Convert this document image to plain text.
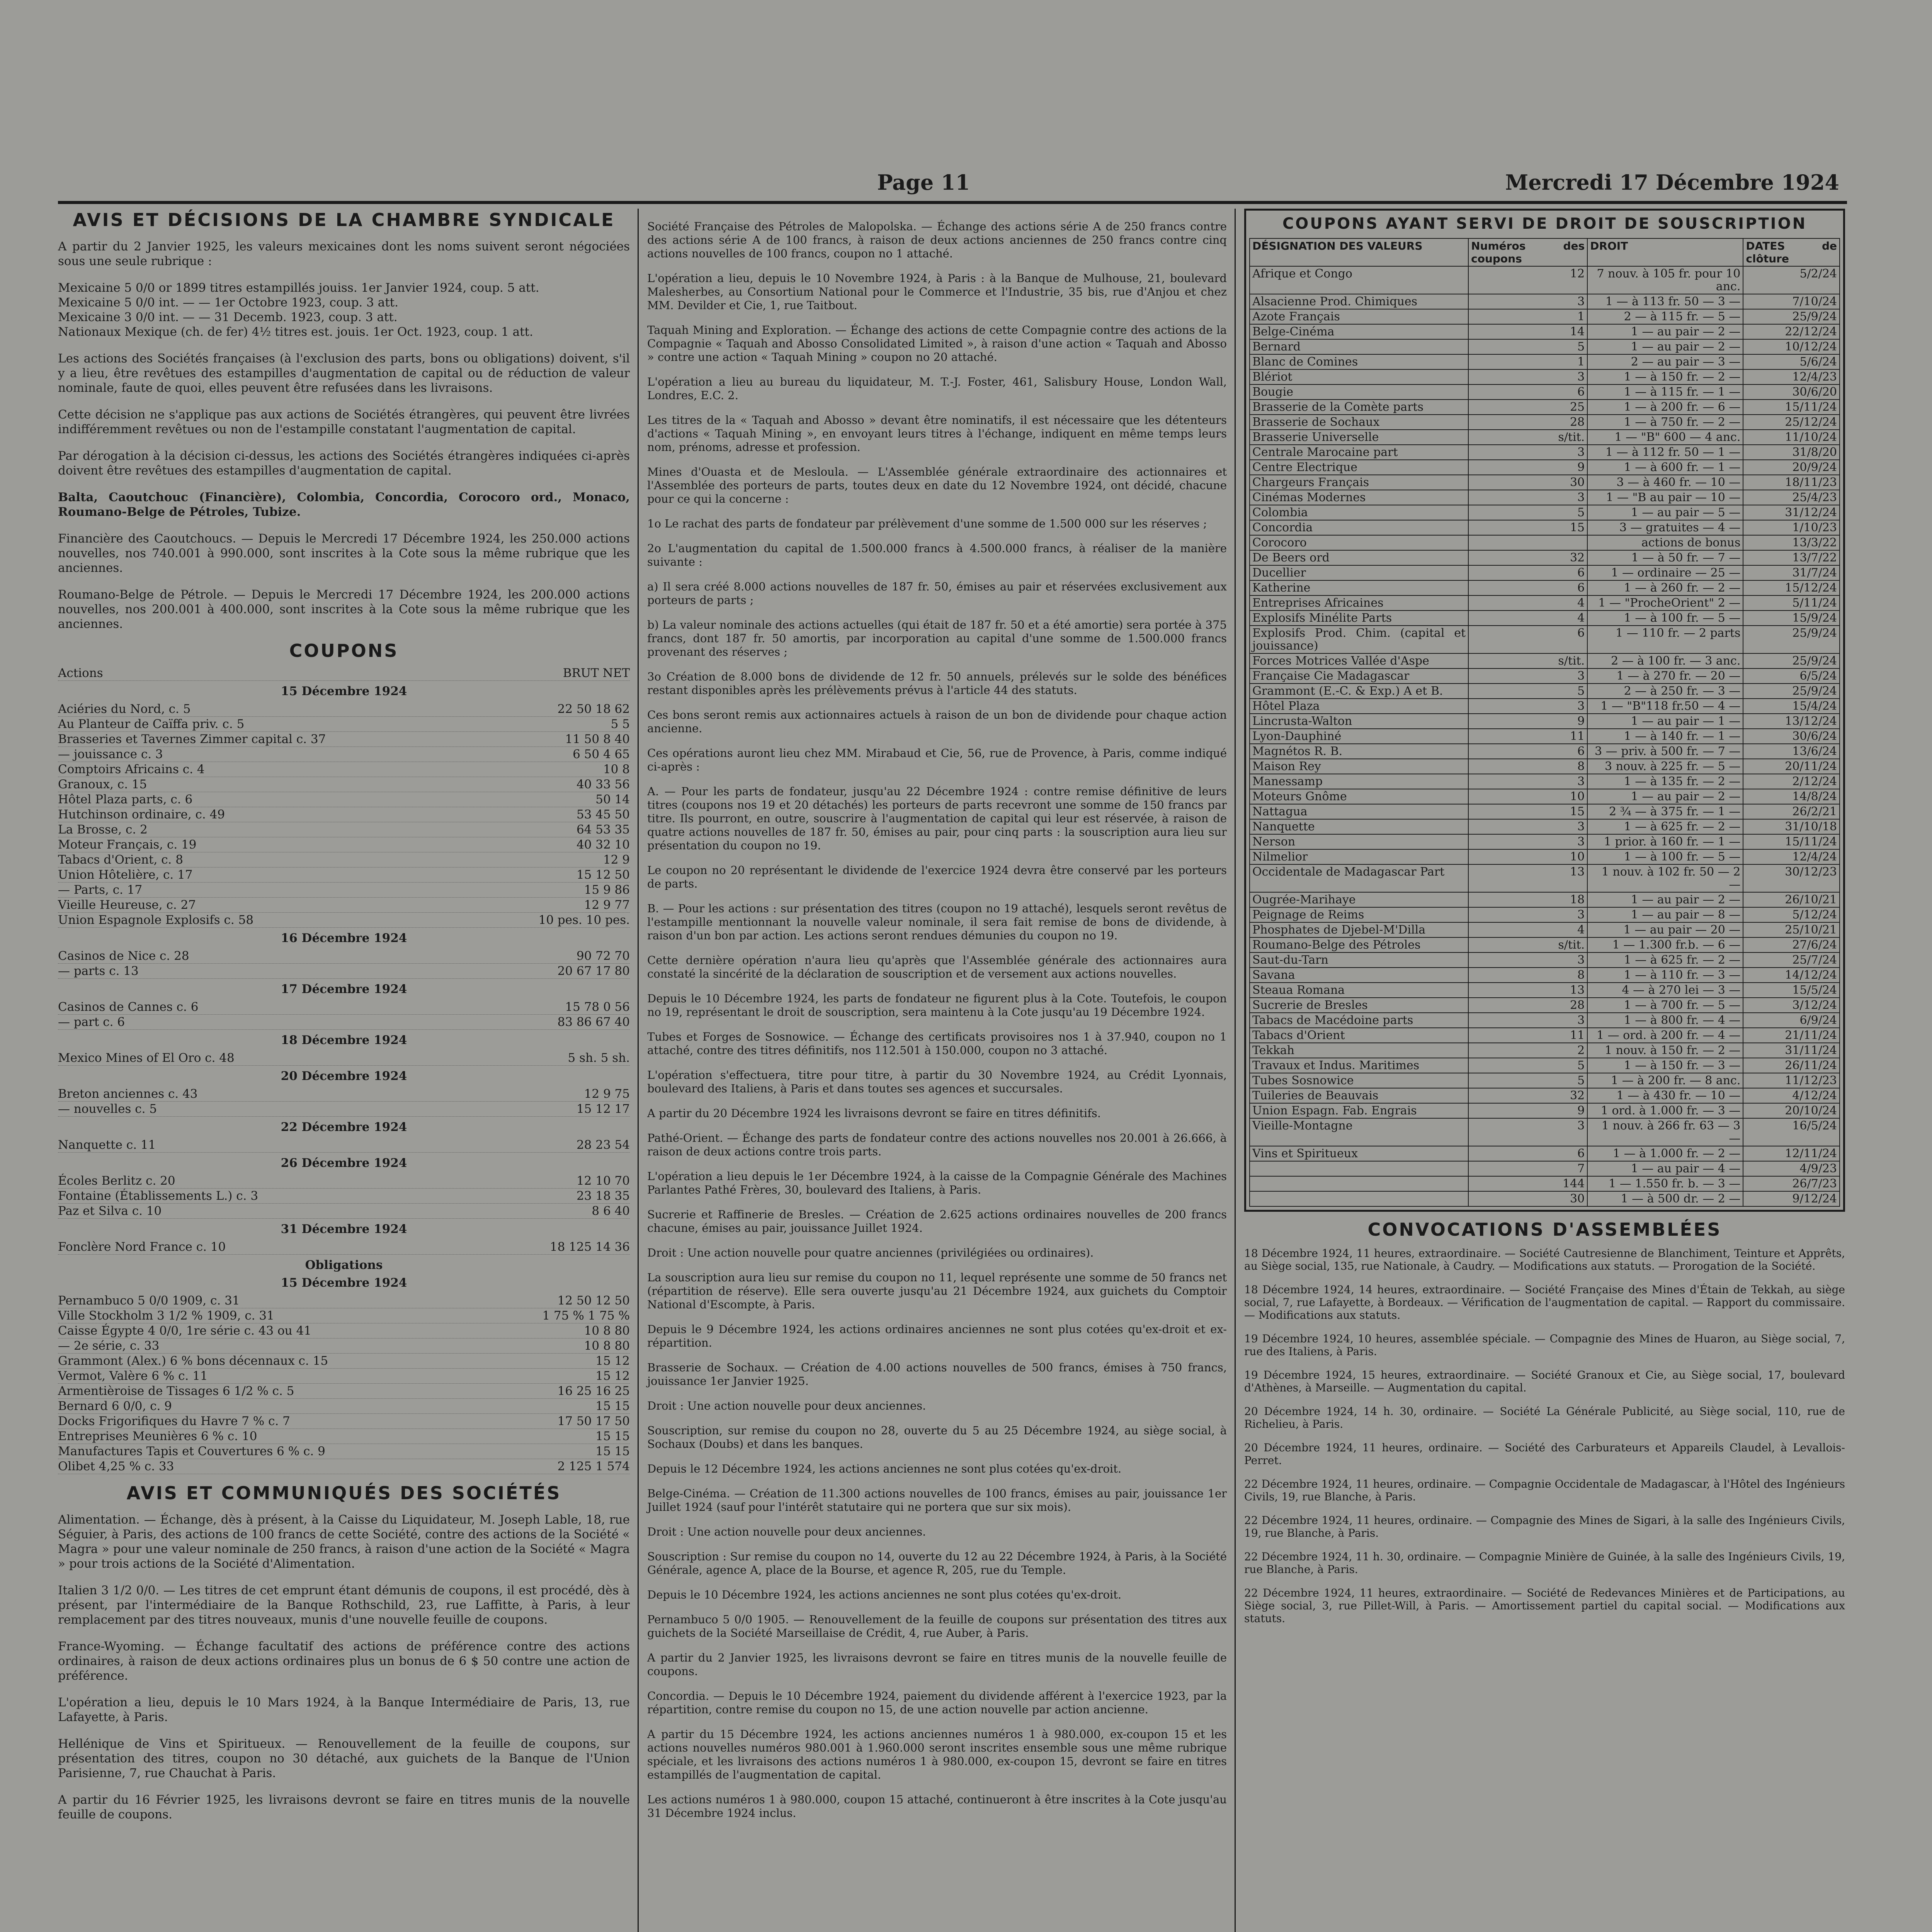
Page 11	Mercredi 17 Décembre 1924
AVIS ET DÉCISIONS DE LA CHAMBRE SYNDICALE

A partir du 2 Janvier 1925, les valeurs mexicaines dont les noms suivent seront négociées sous une seule rubrique :

Mexicaine 5 0/0 or 1899 titres estampillés jouiss. 1er Janvier 1924, coup. 5 att.
Mexicaine 5 0/0 int. — — 1er Octobre 1923, coup. 3 att.
Mexicaine 3 0/0 int. — — 31 Decemb. 1923, coup. 3 att.
Nationaux Mexique (ch. de fer) 4½ titres est. jouis. 1er Oct. 1923, coup. 1 att.

Les actions des Sociétés françaises (à l'exclusion des parts, bons ou obligations) doivent, s'il y a lieu, être revêtues des estampilles d'augmentation de capital ou de réduction de valeur nominale, faute de quoi, elles peuvent être refusées dans les livraisons.

Cette décision ne s'applique pas aux actions de Sociétés étrangères, qui peuvent être livrées indifféremment revêtues ou non de l'estampille constatant l'augmentation de capital.

Par dérogation à la décision ci-dessus, les actions des Sociétés étrangères indiquées ci-après doivent être revêtues des estampilles d'augmentation de capital.

Balta, Caoutchouc (Financière), Colombia, Concordia, Corocoro ord., Monaco, Roumano-Belge de Pétroles, Tubize.

Financière des Caoutchoucs. — Depuis le Mercredi 17 Décembre 1924, les 250.000 actions nouvelles, nos 740.001 à 990.000, sont inscrites à la Cote sous la même rubrique que les anciennes.

Roumano-Belge de Pétrole. — Depuis le Mercredi 17 Décembre 1924, les 200.000 actions nouvelles, nos 200.001 à 400.000, sont inscrites à la Cote sous la même rubrique que les anciennes.

COUPONS
Actions	BRUT NET
15 Décembre 1924
Aciéries du Nord, c. 5	22 50 18 62
Au Planteur de Caïffa priv. c. 5	5 5
Brasseries et Tavernes Zimmer capital c. 37	11 50 8 40
— jouissance c. 3	6 50 4 65
Comptoirs Africains c. 4	10 8
Granoux, c. 15	40 33 56
Hôtel Plaza parts, c. 6	50 14
Hutchinson ordinaire, c. 49	53 45 50
La Brosse, c. 2	64 53 35
Moteur Français, c. 19	40 32 10
Tabacs d'Orient, c. 8	12 9
Union Hôtelière, c. 17	15 12 50
— Parts, c. 17	15 9 86
Vieille Heureuse, c. 27	12 9 77
Union Espagnole Explosifs c. 58	10 pes. 10 pes.
16 Décembre 1924
Casinos de Nice c. 28	90 72 70
— parts c. 13	20 67 17 80
17 Décembre 1924
Casinos de Cannes c. 6	15 78 0 56
— part c. 6	83 86 67 40
18 Décembre 1924
Mexico Mines of El Oro c. 48	5 sh. 5 sh.
20 Décembre 1924
Breton anciennes c. 43	12 9 75
— nouvelles c. 5	15 12 17
22 Décembre 1924
Nanquette c. 11	28 23 54
26 Décembre 1924
Écoles Berlitz c. 20	12 10 70
Fontaine (Établissements L.) c. 3	23 18 35
Paz et Silva c. 10	8 6 40
31 Décembre 1924
Fonclère Nord France c. 10	18 125 14 36
Obligations
15 Décembre 1924
Pernambuco 5 0/0 1909, c. 31	12 50 12 50
Ville Stockholm 3 1/2 % 1909, c. 31	1 75 % 1 75 %
Caisse Égypte 4 0/0, 1re série c. 43 ou 41	10 8 80
— 2e série, c. 33	10 8 80
Grammont (Alex.) 6 % bons décennaux c. 15	15 12
Vermot, Valère 6 % c. 11	15 12
Armentièroise de Tissages 6 1/2 % c. 5	16 25 16 25
Bernard 6 0/0, c. 9	15 15
Docks Frigorifiques du Havre 7 % c. 7	17 50 17 50
Entreprises Meunières 6 % c. 10	15 15
Manufactures Tapis et Couvertures 6 % c. 9	15 15
Olibet 4,25 % c. 33	2 125 1 574
AVIS ET COMMUNIQUÉS DES SOCIÉTÉS

Alimentation. — Échange, dès à présent, à la Caisse du Liquidateur, M. Joseph Lable, 18, rue Séguier, à Paris, des actions de 100 francs de cette Société, contre des actions de la Société « Magra » pour une valeur nominale de 250 francs, à raison d'une action de la Société « Magra » pour trois actions de la Société d'Alimentation.

Italien 3 1/2 0/0. — Les titres de cet emprunt étant démunis de coupons, il est procédé, dès à présent, par l'intermédiaire de la Banque Rothschild, 23, rue Laffitte, à Paris, à leur remplacement par des titres nouveaux, munis d'une nouvelle feuille de coupons.

France-Wyoming. — Échange facultatif des actions de préférence contre des actions ordinaires, à raison de deux actions ordinaires plus un bonus de 6 $ 50 contre une action de préférence.

L'opération a lieu, depuis le 10 Mars 1924, à la Banque Intermédiaire de Paris, 13, rue Lafayette, à Paris.

Hellénique de Vins et Spiritueux. — Renouvellement de la feuille de coupons, sur présentation des titres, coupon no 30 détaché, aux guichets de la Banque de l'Union Parisienne, 7, rue Chauchat à Paris.

A partir du 16 Février 1925, les livraisons devront se faire en titres munis de la nouvelle feuille de coupons.

Société Française des Pétroles de Malopolska. — Échange des actions série A de 250 francs contre des actions série A de 100 francs, à raison de deux actions anciennes de 250 francs contre cinq actions nouvelles de 100 francs, coupon no 1 attaché.

L'opération a lieu, depuis le 10 Novembre 1924, à Paris : à la Banque de Mulhouse, 21, boulevard Malesherbes, au Consortium National pour le Commerce et l'Industrie, 35 bis, rue d'Anjou et chez MM. Devilder et Cie, 1, rue Taitbout.

Taquah Mining and Exploration. — Échange des actions de cette Compagnie contre des actions de la Compagnie « Taquah and Abosso Consolidated Limited », à raison d'une action « Taquah and Abosso » contre une action « Taquah Mining » coupon no 20 attaché.

L'opération a lieu au bureau du liquidateur, M. T.-J. Foster, 461, Salisbury House, London Wall, Londres, E.C. 2.

Les titres de la « Taquah and Abosso » devant être nominatifs, il est nécessaire que les détenteurs d'actions « Taquah Mining », en envoyant leurs titres à l'échange, indiquent en même temps leurs nom, prénoms, adresse et profession.

Mines d'Ouasta et de Mesloula. — L'Assemblée générale extraordinaire des actionnaires et l'Assemblée des porteurs de parts, toutes deux en date du 12 Novembre 1924, ont décidé, chacune pour ce qui la concerne :

1o Le rachat des parts de fondateur par prélèvement d'une somme de 1.500 000 sur les réserves ;

2o L'augmentation du capital de 1.500.000 francs à 4.500.000 francs, à réaliser de la manière suivante :

a) Il sera créé 8.000 actions nouvelles de 187 fr. 50, émises au pair et réservées exclusivement aux porteurs de parts ;

b) La valeur nominale des actions actuelles (qui était de 187 fr. 50 et a été amortie) sera portée à 375 francs, dont 187 fr. 50 amortis, par incorporation au capital d'une somme de 1.500.000 francs provenant des réserves ;

3o Création de 8.000 bons de dividende de 12 fr. 50 annuels, prélevés sur le solde des bénéfices restant disponibles après les prélèvements prévus à l'article 44 des statuts.

Ces bons seront remis aux actionnaires actuels à raison de un bon de dividende pour chaque action ancienne.

Ces opérations auront lieu chez MM. Mirabaud et Cie, 56, rue de Provence, à Paris, comme indiqué ci-après :

A. — Pour les parts de fondateur, jusqu'au 22 Décembre 1924 : contre remise définitive de leurs titres (coupons nos 19 et 20 détachés) les porteurs de parts recevront une somme de 150 francs par titre. Ils pourront, en outre, souscrire à l'augmentation de capital qui leur est réservée, à raison de quatre actions nouvelles de 187 fr. 50, émises au pair, pour cinq parts : la souscription aura lieu sur présentation du coupon no 19.

Le coupon no 20 représentant le dividende de l'exercice 1924 devra être conservé par les porteurs de parts.

B. — Pour les actions : sur présentation des titres (coupon no 19 attaché), lesquels seront revêtus de l'estampille mentionnant la nouvelle valeur nominale, il sera fait remise de bons de dividende, à raison d'un bon par action. Les actions seront rendues démunies du coupon no 19.

Cette dernière opération n'aura lieu qu'après que l'Assemblée générale des actionnaires aura constaté la sincérité de la déclaration de souscription et de versement aux actions nouvelles.

Depuis le 10 Décembre 1924, les parts de fondateur ne figurent plus à la Cote. Toutefois, le coupon no 19, représentant le droit de souscription, sera maintenu à la Cote jusqu'au 19 Décembre 1924.

Tubes et Forges de Sosnowice. — Échange des certificats provisoires nos 1 à 37.940, coupon no 1 attaché, contre des titres définitifs, nos 112.501 à 150.000, coupon no 3 attaché.

L'opération s'effectuera, titre pour titre, à partir du 30 Novembre 1924, au Crédit Lyonnais, boulevard des Italiens, à Paris et dans toutes ses agences et succursales.

A partir du 20 Décembre 1924 les livraisons devront se faire en titres définitifs.

Pathé-Orient. — Échange des parts de fondateur contre des actions nouvelles nos 20.001 à 26.666, à raison de deux actions contre trois parts.

L'opération a lieu depuis le 1er Décembre 1924, à la caisse de la Compagnie Générale des Machines Parlantes Pathé Frères, 30, boulevard des Italiens, à Paris.

Sucrerie et Raffinerie de Bresles. — Création de 2.625 actions ordinaires nouvelles de 200 francs chacune, émises au pair, jouissance Juillet 1924.

Droit : Une action nouvelle pour quatre anciennes (privilégiées ou ordinaires).

La souscription aura lieu sur remise du coupon no 11, lequel représente une somme de 50 francs net (répartition de réserve). Elle sera ouverte jusqu'au 21 Décembre 1924, aux guichets du Comptoir National d'Escompte, à Paris.

Depuis le 9 Décembre 1924, les actions ordinaires anciennes ne sont plus cotées qu'ex-droit et ex-répartition.

Brasserie de Sochaux. — Création de 4.00 actions nouvelles de 500 francs, émises à 750 francs, jouissance 1er Janvier 1925.

Droit : Une action nouvelle pour deux anciennes.

Souscription, sur remise du coupon no 28, ouverte du 5 au 25 Décembre 1924, au siège social, à Sochaux (Doubs) et dans les banques.

Depuis le 12 Décembre 1924, les actions anciennes ne sont plus cotées qu'ex-droit.

Belge-Cinéma. — Création de 11.300 actions nouvelles de 100 francs, émises au pair, jouissance 1er Juillet 1924 (sauf pour l'intérêt statutaire qui ne portera que sur six mois).

Droit : Une action nouvelle pour deux anciennes.

Souscription : Sur remise du coupon no 14, ouverte du 12 au 22 Décembre 1924, à Paris, à la Société Générale, agence A, place de la Bourse, et agence R, 205, rue du Temple.

Depuis le 10 Décembre 1924, les actions anciennes ne sont plus cotées qu'ex-droit.

Pernambuco 5 0/0 1905. — Renouvellement de la feuille de coupons sur présentation des titres aux guichets de la Société Marseillaise de Crédit, 4, rue Auber, à Paris.

A partir du 2 Janvier 1925, les livraisons devront se faire en titres munis de la nouvelle feuille de coupons.

Concordia. — Depuis le 10 Décembre 1924, paiement du dividende afférent à l'exercice 1923, par la répartition, contre remise du coupon no 15, de une action nouvelle par action ancienne.

A partir du 15 Décembre 1924, les actions anciennes numéros 1 à 980.000, ex-coupon 15 et les actions nouvelles numéros 980.001 à 1.960.000 seront inscrites ensemble sous une même rubrique spéciale, et les livraisons des actions numéros 1 à 980.000, ex-coupon 15, devront se faire en titres estampillés de l'augmentation de capital.

Les actions numéros 1 à 980.000, coupon 15 attaché, continueront à être inscrites à la Cote jusqu'au 31 Décembre 1924 inclus.

COUPONS AYANT SERVI DE DROIT DE SOUSCRIPTION
DÉSIGNATION DES VALEURS	Numéros des coupons	DROIT	DATES de clôture
Afrique et Congo	12	7 nouv. à 105 fr. pour 10 anc.	5/2/24
Alsacienne Prod. Chimiques	3	1 — à 113 fr. 50 — 3 —	7/10/24
Azote Français	1	2 — à 115 fr. — 5 —	25/9/24
Belge-Cinéma	14	1 — au pair — 2 —	22/12/24
Bernard	5	1 — au pair — 2 —	10/12/24
Blanc de Comines	1	2 — au pair — 3 —	5/6/24
Blériot	3	1 — à 150 fr. — 2 —	12/4/23
Bougie	6	1 — à 115 fr. — 1 —	30/6/20
Brasserie de la Comète parts	25	1 — à 200 fr. — 6 —	15/11/24
Brasserie de Sochaux	28	1 — à 750 fr. — 2 —	25/12/24
Brasserie Universelle	s/tit.	1 — "B" 600 — 4 anc.	11/10/24
Centrale Marocaine part	3	1 — à 112 fr. 50 — 1 —	31/8/20
Centre Electrique	9	1 — à 600 fr. — 1 —	20/9/24
Chargeurs Français	30	3 — à 460 fr. — 10 —	18/11/23
Cinémas Modernes	3	1 — "B au pair — 10 —	25/4/23
Colombia	5	1 — au pair — 5 —	31/12/24
Concordia	15	3 — gratuites — 4 —	1/10/23
Corocoro		actions de bonus	13/3/22
De Beers ord	32	1 — à 50 fr. — 7 —	13/7/22
Ducellier	6	1 — ordinaire — 25 —	31/7/24
Katherine	6	1 — à 260 fr. — 2 —	15/12/24
Entreprises Africaines	4	1 — "ProcheOrient" 2 —	5/11/24
Explosifs Minélite Parts	4	1 — à 100 fr. — 5 —	15/9/24
Explosifs Prod. Chim. (capital et jouissance)	6	1 — 110 fr. — 2 parts	25/9/24
Forces Motrices Vallée d'Aspe	s/tit.	2 — à 100 fr. — 3 anc.	25/9/24
Française Cie Madagascar	3	1 — à 270 fr. — 20 —	6/5/24
Grammont (E.-C. & Exp.) A et B.	5	2 — à 250 fr. — 3 —	25/9/24
Hôtel Plaza	3	1 — "B"118 fr.50 — 4 —	15/4/24
Lincrusta-Walton	9	1 — au pair — 1 —	13/12/24
Lyon-Dauphiné	11	1 — à 140 fr. — 1 —	30/6/24
Magnétos R. B.	6	3 — priv. à 500 fr. — 7 —	13/6/24
Maison Rey	8	3 nouv. à 225 fr. — 5 —	20/11/24
Manessamp	3	1 — à 135 fr. — 2 —	2/12/24
Moteurs Gnôme	10	1 — au pair — 2 —	14/8/24
Nattagua	15	2 ¾ — à 375 fr. — 1 —	26/2/21
Nanquette	3	1 — à 625 fr. — 2 —	31/10/18
Nerson	3	1 prior. à 160 fr. — 1 —	15/11/24
Nilmelior	10	1 — à 100 fr. — 5 —	12/4/24
Occidentale de Madagascar Part	13	1 nouv. à 102 fr. 50 — 2 —	30/12/23
Ougrée-Marihaye	18	1 — au pair — 2 —	26/10/21
Peignage de Reims	3	1 — au pair — 8 —	5/12/24
Phosphates de Djebel-M'Dilla	4	1 — au pair — 20 —	25/10/21
Roumano-Belge des Pétroles	s/tit.	1 — 1.300 fr.b. — 6 —	27/6/24
Saut-du-Tarn	3	1 — à 625 fr. — 2 —	25/7/24
Savana	8	1 — à 110 fr. — 3 —	14/12/24
Steaua Romana	13	4 — à 270 lei — 3 —	15/5/24
Sucrerie de Bresles	28	1 — à 700 fr. — 5 —	3/12/24
Tabacs de Macédoine parts	3	1 — à 800 fr. — 4 —	6/9/24
Tabacs d'Orient	11	1 — ord. à 200 fr. — 4 —	21/11/24
Tekkah	2	1 nouv. à 150 fr. — 2 —	31/11/24
Travaux et Indus. Maritimes	5	1 — à 150 fr. — 3 —	26/11/24
Tubes Sosnowice	5	1 — à 200 fr. — 8 anc.	11/12/23
Tuileries de Beauvais	32	1 — à 430 fr. — 10 —	4/12/24
Union Espagn. Fab. Engrais	9	1 ord. à 1.000 fr. — 3 —	20/10/24
Vieille-Montagne	3	1 nouv. à 266 fr. 63 — 3 —	16/5/24
Vins et Spiritueux	6	1 — à 1.000 fr. — 2 —	12/11/24
	7	1 — au pair — 4 —	4/9/23
	144	1 — 1.550 fr. b. — 3 —	26/7/23
	30	1 — à 500 dr. — 2 —	9/12/24
CONVOCATIONS D'ASSEMBLÉES

18 Décembre 1924, 11 heures, extraordinaire. — Société Cautresienne de Blanchiment, Teinture et Apprêts, au Siège social, 135, rue Nationale, à Caudry. — Modifications aux statuts. — Prorogation de la Société.

18 Décembre 1924, 14 heures, extraordinaire. — Société Française des Mines d'Étain de Tekkah, au siège social, 7, rue Lafayette, à Bordeaux. — Vérification de l'augmentation de capital. — Rapport du commissaire. — Modifications aux statuts.

19 Décembre 1924, 10 heures, assemblée spéciale. — Compagnie des Mines de Huaron, au Siège social, 7, rue des Italiens, à Paris.

19 Décembre 1924, 15 heures, extraordinaire. — Société Granoux et Cie, au Siège social, 17, boulevard d'Athènes, à Marseille. — Augmentation du capital.

20 Décembre 1924, 14 h. 30, ordinaire. — Société La Générale Publicité, au Siège social, 110, rue de Richelieu, à Paris.

20 Décembre 1924, 11 heures, ordinaire. — Société des Carburateurs et Appareils Claudel, à Levallois-Perret.

22 Décembre 1924, 11 heures, ordinaire. — Compagnie Occidentale de Madagascar, à l'Hôtel des Ingénieurs Civils, 19, rue Blanche, à Paris.

22 Décembre 1924, 11 heures, ordinaire. — Compagnie des Mines de Sigari, à la salle des Ingénieurs Civils, 19, rue Blanche, à Paris.

22 Décembre 1924, 11 h. 30, ordinaire. — Compagnie Minière de Guinée, à la salle des Ingénieurs Civils, 19, rue Blanche, à Paris.

22 Décembre 1924, 11 heures, extraordinaire. — Société de Redevances Minières et de Participations, au Siège social, 3, rue Pillet-Will, à Paris. — Amortissement partiel du capital social. — Modifications aux statuts.
